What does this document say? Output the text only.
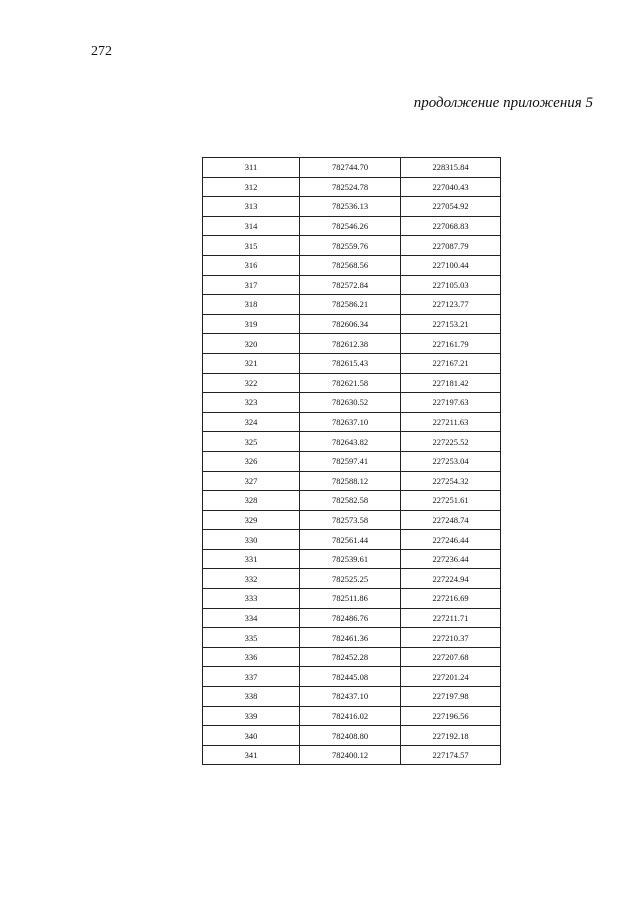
272
продолжение приложения 5
311	782744.70	228315.84
312	782524.78	227040.43
313	782536.13	227054.92
314	782546.26	227068.83
315	782559.76	227087.79
316	782568.56	227100.44
317	782572.84	227105.03
318	782586.21	227123.77
319	782606.34	227153.21
320	782612.38	227161.79
321	782615.43	227167.21
322	782621.58	227181.42
323	782630.52	227197.63
324	782637.10	227211.63
325	782643.82	227225.52
326	782597.41	227253.04
327	782588.12	227254.32
328	782582.58	227251.61
329	782573.58	227248.74
330	782561.44	227246.44
331	782539.61	227236.44
332	782525.25	227224.94
333	782511.86	227216.69
334	782486.76	227211.71
335	782461.36	227210.37
336	782452.28	227207.68
337	782445.08	227201.24
338	782437.10	227197.98
339	782416.02	227196.56
340	782408.80	227192.18
341	782400.12	227174.57
